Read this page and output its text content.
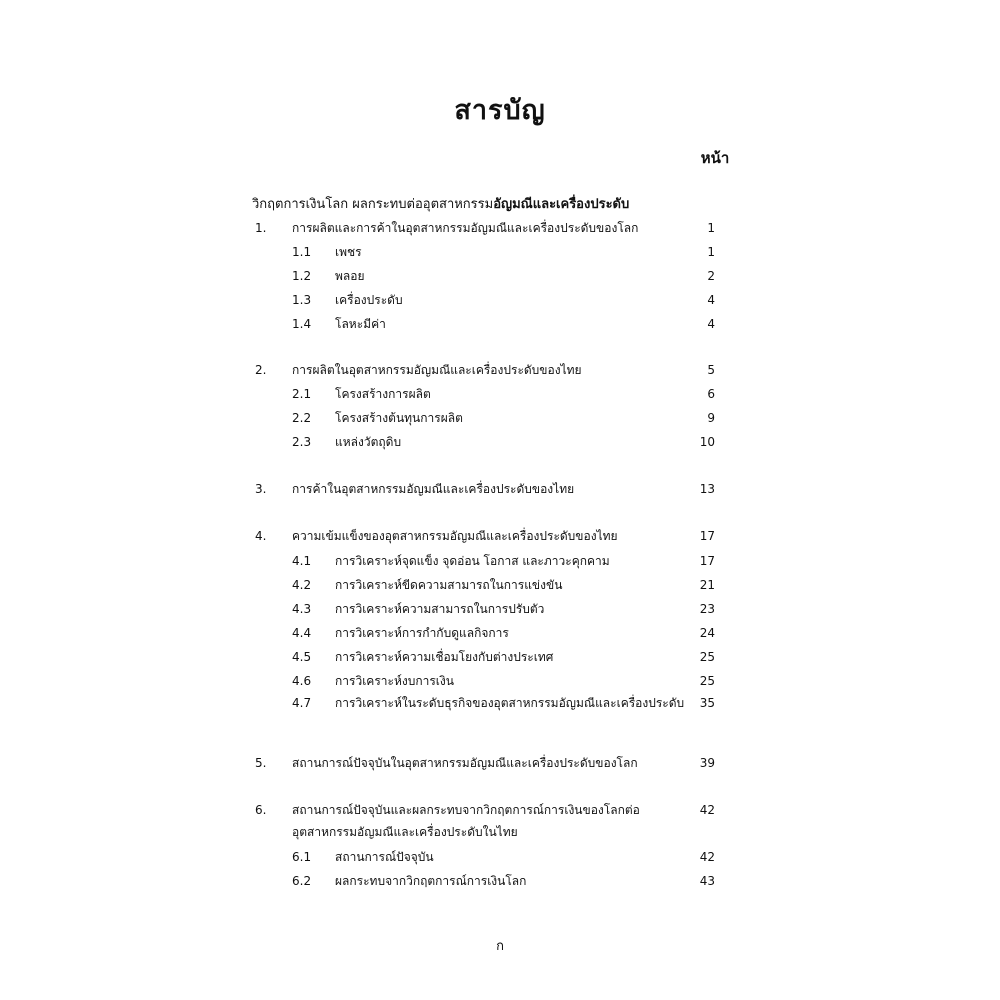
สารบัญ
หน้า
วิกฤตการเงินโลก ผลกระทบต่ออุตสาหกรรมอัญมณีและเครื่องประดับ
1. การผลิตและการค้าในอุตสาหกรรมอัญมณีและเครื่องประดับของโลก	1
1.1 เพชร	1
1.2 พลอย	2
1.3 เครื่องประดับ	4
1.4 โลหะมีค่า	4
2. การผลิตในอุตสาหกรรมอัญมณีและเครื่องประดับของไทย	5
2.1 โครงสร้างการผลิต	6
2.2 โครงสร้างต้นทุนการผลิต	9
2.3 แหล่งวัตถุดิบ	10
3. การค้าในอุตสาหกรรมอัญมณีและเครื่องประดับของไทย	13
4. ความเข้มแข็งของอุตสาหกรรมอัญมณีและเครื่องประดับของไทย	17
4.1 การวิเคราะห์จุดแข็ง จุดอ่อน โอกาส และภาวะคุกคาม	17
4.2 การวิเคราะห์ขีดความสามารถในการแข่งขัน	21
4.3 การวิเคราะห์ความสามารถในการปรับตัว	23
4.4 การวิเคราะห์การกำกับดูแลกิจการ	24
4.5 การวิเคราะห์ความเชื่อมโยงกับต่างประเทศ	25
4.6 การวิเคราะห์งบการเงิน	25
4.7 การวิเคราะห์ในระดับธุรกิจของอุตสาหกรรมอัญมณีและเครื่องประดับ	35
5. สถานการณ์ปัจจุบันในอุตสาหกรรมอัญมณีและเครื่องประดับของโลก	39
6. สถานการณ์ปัจจุบันและผลกระทบจากวิกฤตการณ์การเงินของโลกต่อ	42
อุตสาหกรรมอัญมณีและเครื่องประดับในไทย
6.1 สถานการณ์ปัจจุบัน	42
6.2 ผลกระทบจากวิกฤตการณ์การเงินโลก	43
ก
